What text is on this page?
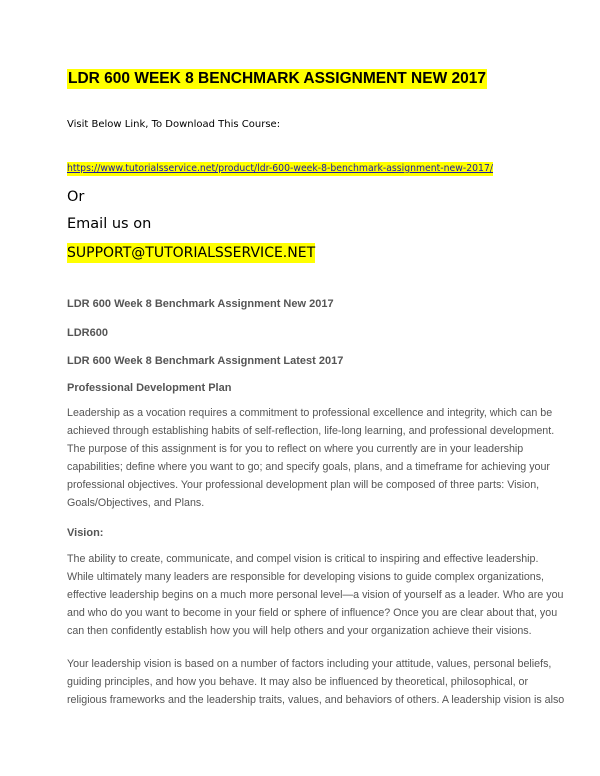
LDR 600 WEEK 8 BENCHMARK ASSIGNMENT NEW 2017
Visit Below Link, To Download This Course:
https://www.tutorialsservice.net/product/ldr-600-week-8-benchmark-assignment-new-2017/
Or
Email us on
SUPPORT@TUTORIALSSERVICE.NET
LDR 600 Week 8 Benchmark Assignment New 2017
LDR600
LDR 600 Week 8 Benchmark Assignment Latest 2017
Professional Development Plan

Leadership as a vocation requires a commitment to professional excellence and integrity, which can be
achieved through establishing habits of self-reflection, life-long learning, and professional development.
The purpose of this assignment is for you to reflect on where you currently are in your leadership
capabilities; define where you want to go; and specify goals, plans, and a timeframe for achieving your
professional objectives. Your professional development plan will be composed of three parts: Vision,
Goals/Objectives, and Plans.

Vision:

The ability to create, communicate, and compel vision is critical to inspiring and effective leadership.
While ultimately many leaders are responsible for developing visions to guide complex organizations,
effective leadership begins on a much more personal level—a vision of yourself as a leader. Who are you
and who do you want to become in your field or sphere of influence? Once you are clear about that, you
can then confidently establish how you will help others and your organization achieve their visions.

Your leadership vision is based on a number of factors including your attitude, values, personal beliefs,
guiding principles, and how you behave. It may also be influenced by theoretical, philosophical, or
religious frameworks and the leadership traits, values, and behaviors of others. A leadership vision is also
